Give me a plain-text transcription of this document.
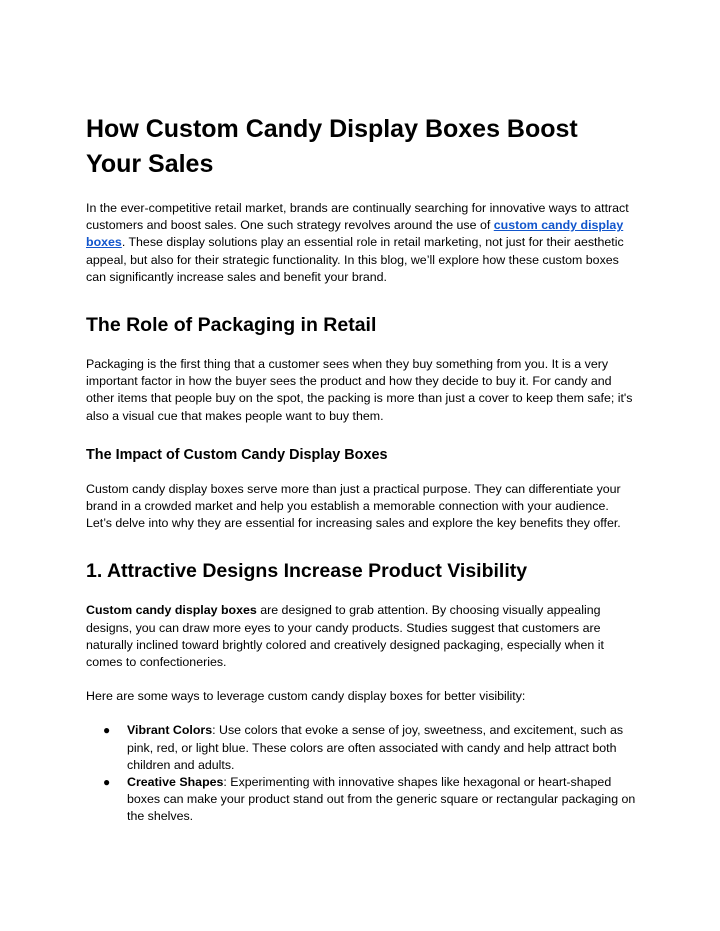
How Custom Candy Display Boxes Boost Your Sales

In the ever-competitive retail market, brands are continually searching for innovative ways to attract customers and boost sales. One such strategy revolves around the use of custom candy display boxes. These display solutions play an essential role in retail marketing, not just for their aesthetic appeal, but also for their strategic functionality. In this blog, we’ll explore how these custom boxes can significantly increase sales and benefit your brand.

The Role of Packaging in Retail

Packaging is the first thing that a customer sees when they buy something from you. It is a very important factor in how the buyer sees the product and how they decide to buy it. For candy and other items that people buy on the spot, the packing is more than just a cover to keep them safe; it's also a visual cue that makes people want to buy them.

The Impact of Custom Candy Display Boxes

Custom candy display boxes serve more than just a practical purpose. They can differentiate your brand in a crowded market and help you establish a memorable connection with your audience. Let’s delve into why they are essential for increasing sales and explore the key benefits they offer.

1. Attractive Designs Increase Product Visibility

Custom candy display boxes are designed to grab attention. By choosing visually appealing designs, you can draw more eyes to your candy products. Studies suggest that customers are naturally inclined toward brightly colored and creatively designed packaging, especially when it comes to confectioneries.

Here are some ways to leverage custom candy display boxes for better visibility:

● Vibrant Colors: Use colors that evoke a sense of joy, sweetness, and excitement, such as pink, red, or light blue. These colors are often associated with candy and help attract both children and adults.
● Creative Shapes: Experimenting with innovative shapes like hexagonal or heart-shaped boxes can make your product stand out from the generic square or rectangular packaging on the shelves.
